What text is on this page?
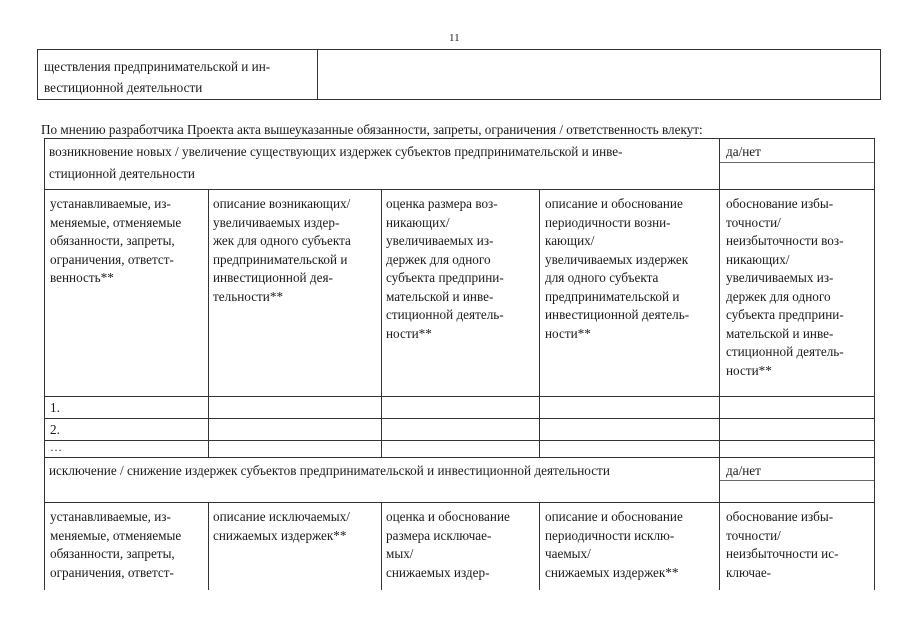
11
ществления предпринимательской и ин-
вестиционной деятельности
По мнению разработчика Проекта акта вышеуказанные обязанности, запреты, ограничения / ответственность влекут:
возникновение новых / увеличение существующих издержек субъектов предпринимательской и инве-
стиционной деятельности
да/нет
устанавливаемые, из-
меняемые, отменяемые
обязанности, запреты,
ограничения, ответст-
венность**
описание возникающих/
увеличиваемых издер-
жек для одного субъекта
предпринимательской и
инвестиционной дея-
тельности**
оценка размера воз-
никающих/
увеличиваемых из-
держек для одного
субъекта предприни-
мательской и инве-
стиционной деятель-
ности**
описание и обоснование
периодичности возни-
кающих/
увеличиваемых издержек
для одного субъекта
предпринимательской и
инвестиционной деятель-
ности**
обоснование избы-
точности/
неизбыточности воз-
никающих/
увеличиваемых из-
держек для одного
субъекта предприни-
мательской и инве-
стиционной деятель-
ности**
1.
2.
…
исключение / снижение издержек субъектов предпринимательской и инвестиционной деятельности	да/нет
устанавливаемые, из-
меняемые, отменяемые
обязанности, запреты,
ограничения, ответст-
описание исключаемых/
снижаемых издержек**
оценка и обоснование
размера исключае-
мых/
снижаемых издер-
описание и обоснование
периодичности исклю-
чаемых/
снижаемых издержек**
обоснование избы-
точности/
неизбыточности ис-
ключае-
